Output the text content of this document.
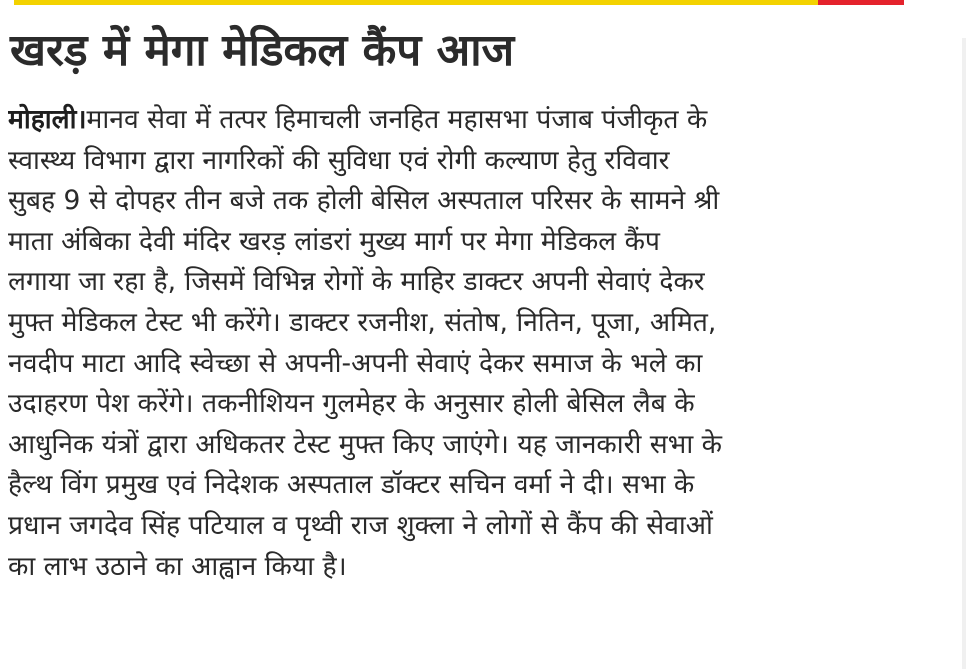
खरड़ में मेगा मेडिकल कैंप आज
मोहाली।मानव सेवा में तत्पर हिमाचली जनहित महासभा पंजाब पंजीकृत के
स्वास्थ्य विभाग द्वारा नागरिकों की सुविधा एवं रोगी कल्याण हेतु रविवार
सुबह 9 से दोपहर तीन बजे तक होली बेसिल अस्पताल परिसर के सामने श्री
माता अंबिका देवी मंदिर खरड़ लांडरां मुख्य मार्ग पर मेगा मेडिकल कैंप
लगाया जा रहा है, जिसमें विभिन्न रोगों के माहिर डाक्टर अपनी सेवाएं देकर
मुफ्त मेडिकल टेस्ट भी करेंगे। डाक्टर रजनीश, संतोष, नितिन, पूजा, अमित,
नवदीप माटा आदि स्वेच्छा से अपनी-अपनी सेवाएं देकर समाज के भले का
उदाहरण पेश करेंगे। तकनीशियन गुलमेहर के अनुसार होली बेसिल लैब के
आधुनिक यंत्रों द्वारा अधिकतर टेस्ट मुफ्त किए जाएंगे। यह जानकारी सभा के
हैल्थ विंग प्रमुख एवं निदेशक अस्पताल डॉक्टर सचिन वर्मा ने दी। सभा के
प्रधान जगदेव सिंह पटियाल व पृथ्वी राज शुक्ला ने लोगों से कैंप की सेवाओं
का लाभ उठाने का आह्वान किया है।
